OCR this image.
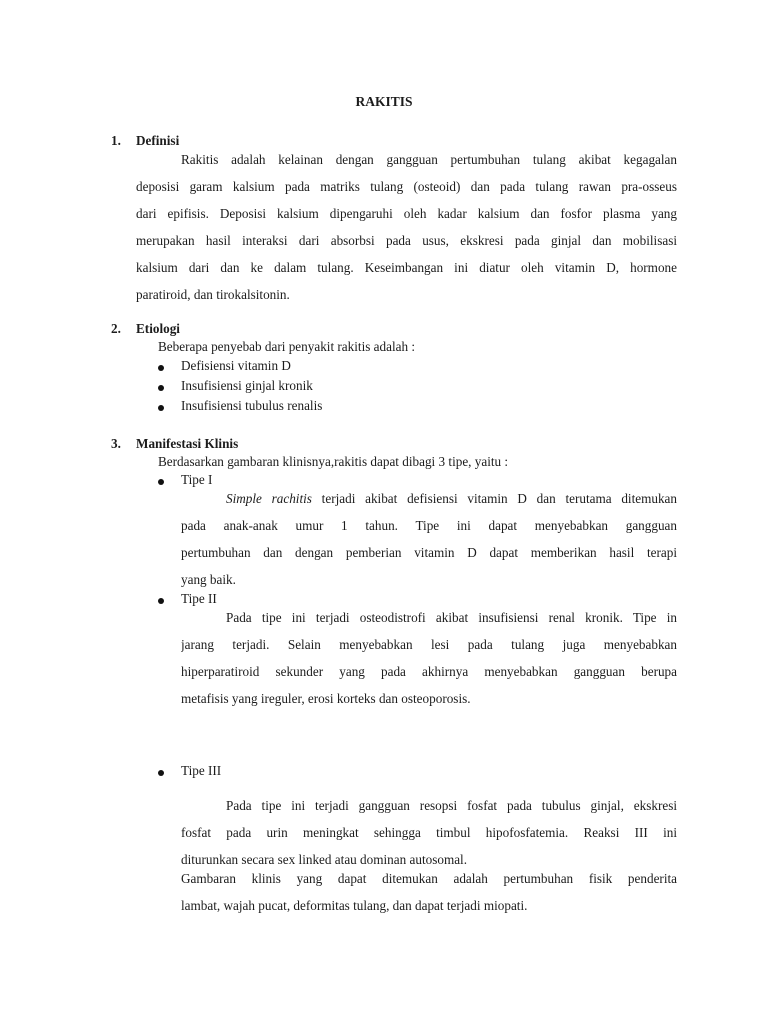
RAKITIS
1. Definisi
Rakitis adalah kelainan dengan gangguan pertumbuhan tulang akibat kegagalan
deposisi garam kalsium pada matriks tulang (osteoid) dan pada tulang rawan pra-osseus
dari epifisis. Deposisi kalsium dipengaruhi oleh kadar kalsium dan fosfor plasma yang
merupakan hasil interaksi dari absorbsi pada usus, ekskresi pada ginjal dan mobilisasi
kalsium dari dan ke dalam tulang. Keseimbangan ini diatur oleh vitamin D, hormone
paratiroid, dan tirokalsitonin.
2. Etiologi
Beberapa penyebab dari penyakit rakitis adalah :
Defisiensi vitamin D
Insufisiensi ginjal kronik
Insufisiensi tubulus renalis
3. Manifestasi Klinis
Berdasarkan gambaran klinisnya,rakitis dapat dibagi 3 tipe, yaitu :
Tipe I
Simple rachitis terjadi akibat defisiensi vitamin D dan terutama ditemukan
pada anak-anak umur 1 tahun. Tipe ini dapat menyebabkan gangguan
pertumbuhan dan dengan pemberian vitamin D dapat memberikan hasil terapi
yang baik.
Tipe II
Pada tipe ini terjadi osteodistrofi akibat insufisiensi renal kronik. Tipe in
jarang terjadi. Selain menyebabkan lesi pada tulang juga menyebabkan
hiperparatiroid sekunder yang pada akhirnya menyebabkan gangguan berupa
metafisis yang ireguler, erosi korteks dan osteoporosis.
Tipe III
Pada tipe ini terjadi gangguan resopsi fosfat pada tubulus ginjal, ekskresi
fosfat pada urin meningkat sehingga timbul hipofosfatemia. Reaksi III ini
diturunkan secara sex linked atau dominan autosomal.
Gambaran klinis yang dapat ditemukan adalah pertumbuhan fisik penderita
lambat, wajah pucat, deformitas tulang, dan dapat terjadi miopati.
